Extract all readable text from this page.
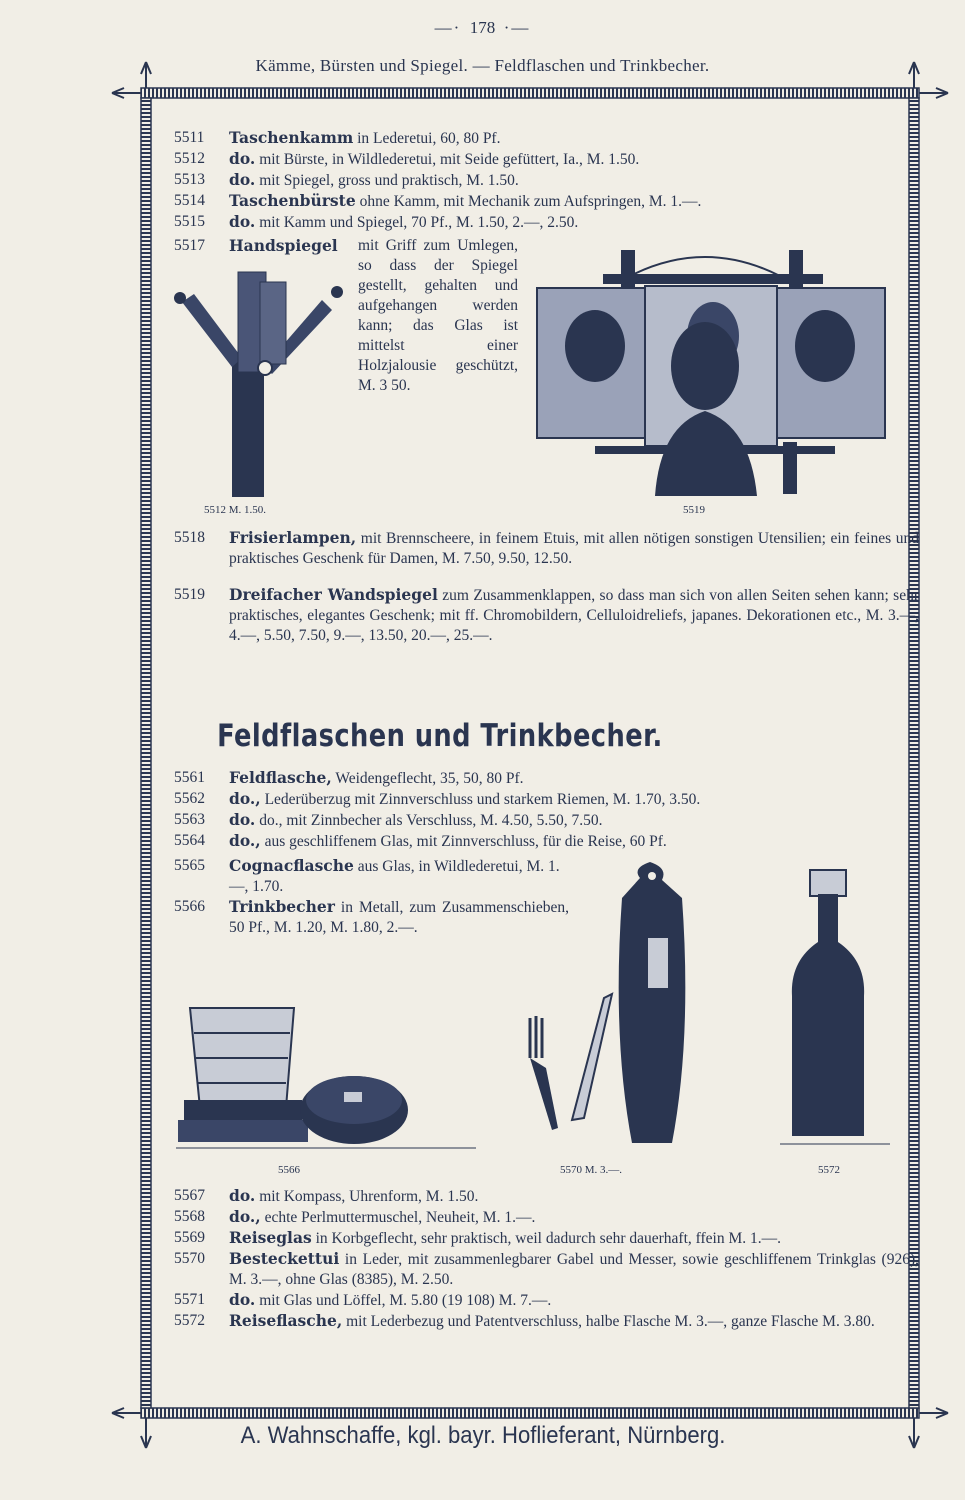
—· 178 ·—
Kämme, Bürsten und Spiegel. — Feldflaschen und Trinkbecher.

5511 Taschenkamm in Lederetui, 60, 80 Pf.

5512 do. mit Bürste, in Wildlederetui, mit Seide gefüttert, Ia., M. 1.50.

5513 do. mit Spiegel, gross und praktisch, M. 1.50.

5514 Taschenbürste ohne Kamm, mit Mechanik zum Aufspringen, M. 1.—.

5515 do. mit Kamm und Spiegel, 70 Pf., M. 1.50, 2.—, 2.50.

5517 Handspiegel	mit Griff zum Umlegen, so dass der Spiegel gestellt, gehalten und aufgehangen werden kann; das Glas ist mittelst einer Holzjalousie geschützt, M. 3 50.
5512 M. 1.50.	5519

5518 Frisierlampen, mit Brennscheere, in feinem Etuis, mit allen nötigen sonstigen Utensilien; ein feines und praktisches Geschenk für Damen, M. 7.50, 9.50, 12.50.

5519 Dreifacher Wandspiegel zum Zusammenklappen, so dass man sich von allen Seiten sehen kann; sehr praktisches, elegantes Geschenk; mit ff. Chromobildern, Celluloidreliefs, japanes. Dekorationen etc., M. 3.—, 4.—, 5.50, 7.50, 9.—, 13.50, 20.—, 25.—.

Feldflaschen und Trinkbecher.

5561 Feldflasche, Weidengeflecht, 35, 50, 80 Pf.

5562 do., Lederüberzug mit Zinnverschluss und starkem Riemen, M. 1.70, 3.50.

5563 do. do., mit Zinnbecher als Verschluss, M. 4.50, 5.50, 7.50.

5564 do., aus geschliffenem Glas, mit Zinnverschluss, für die Reise, 60 Pf.

5565 Cognacflasche aus Glas, in Wildlederetui, M. 1.—, 1.70.

5566 Trinkbecher in Metall, zum Zusammenschieben, 50 Pf., M. 1.20, M. 1.80, 2.—.

5566	5570 M. 3.—.	5572

5567 do. mit Kompass, Uhrenform, M. 1.50.

5568 do., echte Perlmuttermuschel, Neuheit, M. 1.—.

5569 Reiseglas in Korbgeflecht, sehr praktisch, weil dadurch sehr dauerhaft, ffein M. 1.—.

5570 Besteckettui in Leder, mit zusammenlegbarer Gabel und Messer, sowie geschliffenem Trinkglas (926), M. 3.—, ohne Glas (8385), M. 2.50.

5571 do. mit Glas und Löffel, M. 5.80 (19 108) M. 7.—.

5572 Reiseflasche, mit Lederbezug und Patentverschluss, halbe Flasche M. 3.—, ganze Flasche M. 3.80.

A. Wahnschaffe, kgl. bayr. Hoflieferant, Nürnberg.
